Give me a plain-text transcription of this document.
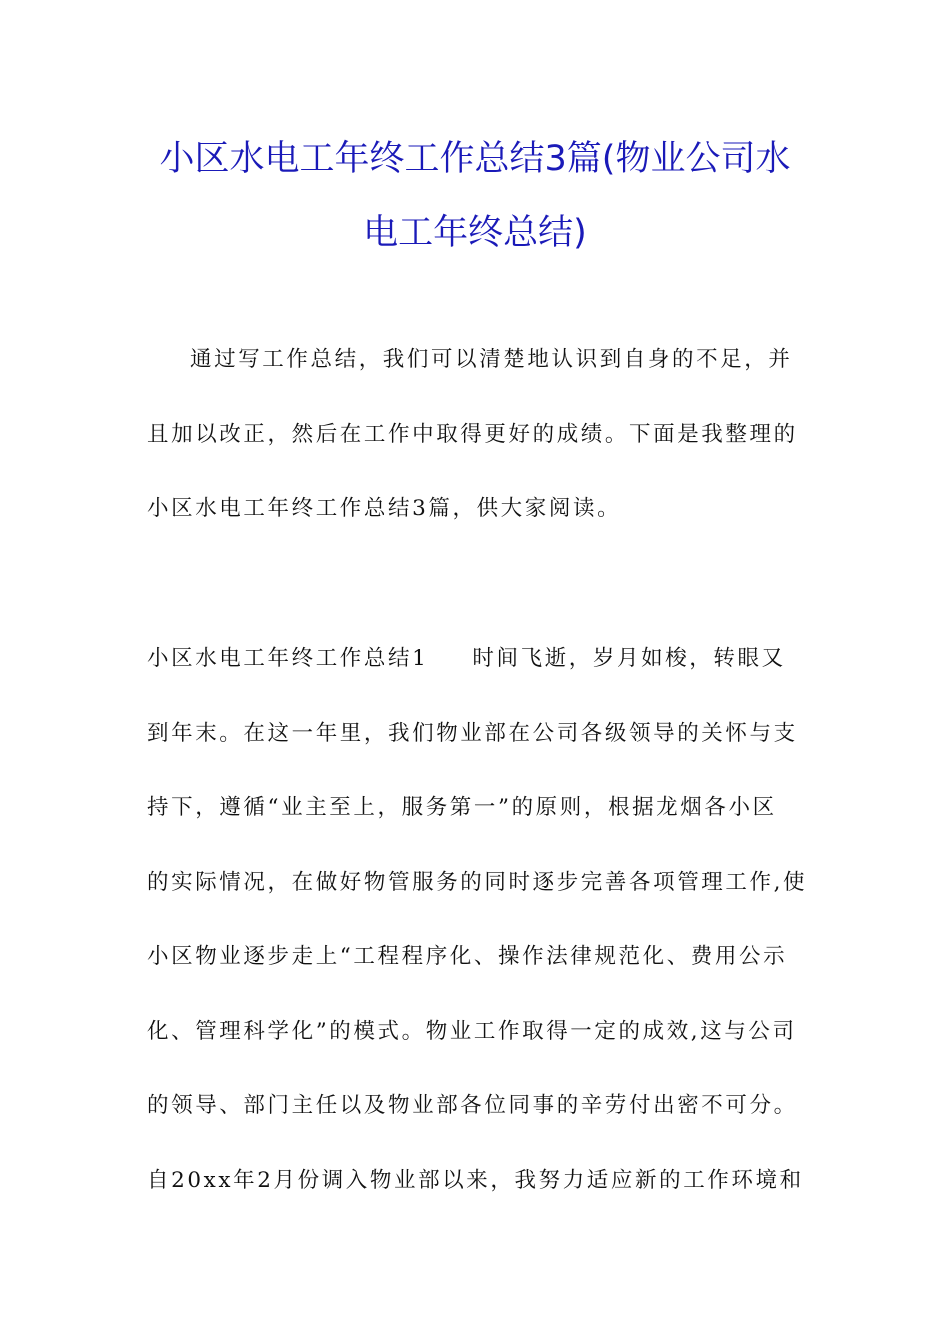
小区水电工年终工作总结3篇(物业公司水
电工年终总结)
通过写工作总结，我们可以清楚地认识到自身的不足，并
且加以改正，然后在工作中取得更好的成绩。下面是我整理的
小区水电工年终工作总结3篇，供大家阅读。
小区水电工年终工作总结1 时间飞逝，岁月如梭，转眼又
到年末。在这一年里，我们物业部在公司各级领导的关怀与支
持下，遵循“业主至上，服务第一”的原则，根据龙烟各小区
的实际情况，在做好物管服务的同时逐步完善各项管理工作,使
小区物业逐步走上“工程程序化、操作法律规范化、费用公示
化、管理科学化”的模式。物业工作取得一定的成效,这与公司
的领导、部门主任以及物业部各位同事的辛劳付出密不可分。
自20xx年2月份调入物业部以来，我努力适应新的工作环境和
